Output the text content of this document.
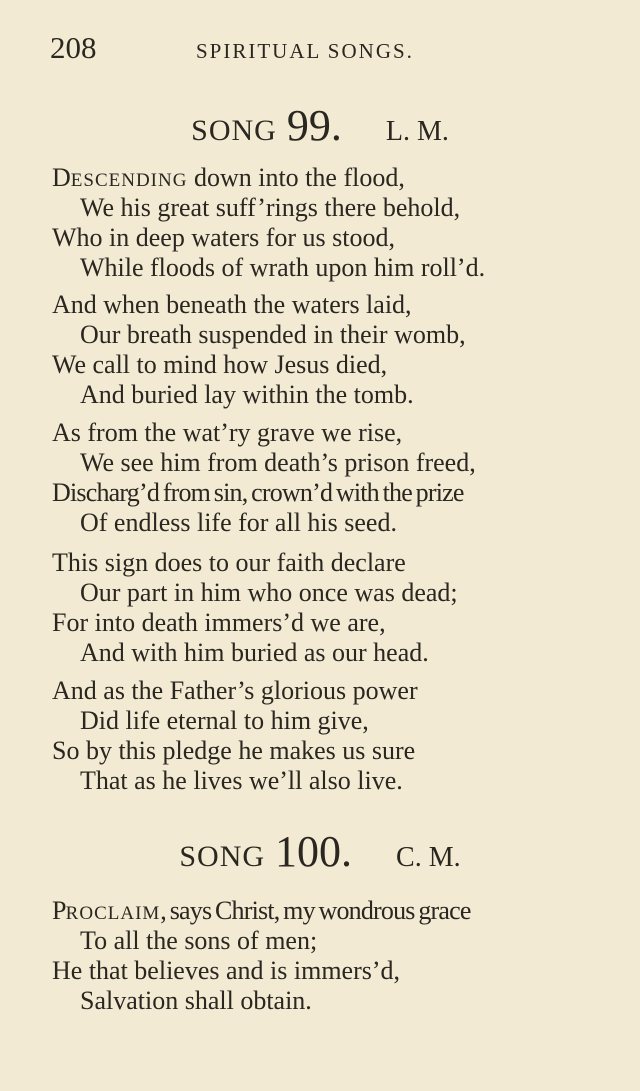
208	SPIRITUAL SONGS.
SONG 99. L. M.
DESCENDING down into the flood,
We his great suff’rings there behold,
Who in deep waters for us stood,
While floods of wrath upon him roll’d.
And when beneath the waters laid,
Our breath suspended in their womb,
We call to mind how Jesus died,
And buried lay within the tomb.
As from the wat’ry grave we rise,
We see him from death’s prison freed,
Discharg’d from sin, crown’d with the prize
Of endless life for all his seed.
This sign does to our faith declare
Our part in him who once was dead;
For into death immers’d we are,
And with him buried as our head.
And as the Father’s glorious power
Did life eternal to him give,
So by this pledge he makes us sure
That as he lives we’ll also live.
SONG 100. C. M.
PROCLAIM, says Christ, my wondrous grace
To all the sons of men;
He that believes and is immers’d,
Salvation shall obtain.
